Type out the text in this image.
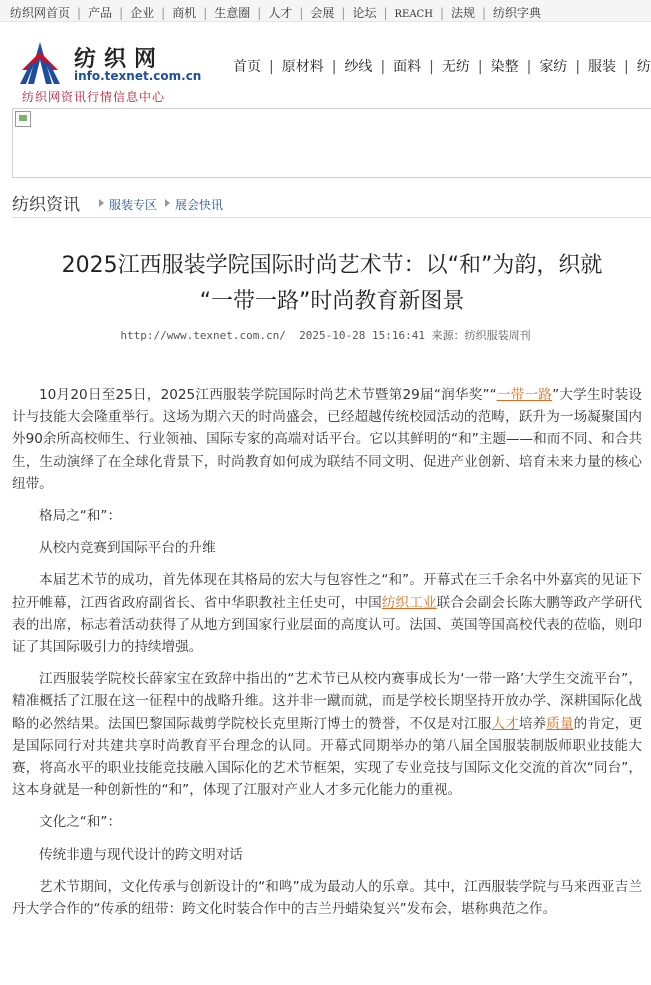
纺织网首页 | 产品 | 企业 | 商机 | 生意圈 | 人才 | 会展 | 论坛 | REACH | 法规 | 纺织字典
纺织网
info.texnet.com.cn
纺织网资讯行情信息中心
首页 | 原材料 | 纱线 | 面料 | 无纺 | 染整 | 家纺 | 服装 | 纺
纺织资讯 服装专区 展会快讯
2025江西服装学院国际时尚艺术节：以“和”为韵，织就
“一带一路”时尚教育新图景
http://www.texnet.com.cn/ 2025-10-28 15:16:41 来源：纺织服装周刊

10月20日至25日，2025江西服装学院国际时尚艺术节暨第29届“润华奖”“一带一路”大学生时装设计与技能大会隆重举行。这场为期六天的时尚盛会，已经超越传统校园活动的范畴，跃升为一场凝聚国内外90余所高校师生、行业领袖、国际专家的高端对话平台。它以其鲜明的“和”主题——和而不同、和合共生，生动演绎了在全球化背景下，时尚教育如何成为联结不同文明、促进产业创新、培育未来力量的核心纽带。

格局之“和”：

从校内竞赛到国际平台的升维

本届艺术节的成功，首先体现在其格局的宏大与包容性之“和”。开幕式在三千余名中外嘉宾的见证下拉开帷幕，江西省政府副省长、省中华职教社主任史可，中国纺织工业联合会副会长陈大鹏等政产学研代表的出席，标志着活动获得了从地方到国家行业层面的高度认可。法国、英国等国高校代表的莅临，则印证了其国际吸引力的持续增强。

江西服装学院校长薛家宝在致辞中指出的“艺术节已从校内赛事成长为‘一带一路’大学生交流平台”，精准概括了江服在这一征程中的战略升维。这并非一蹴而就，而是学校长期坚持开放办学、深耕国际化战略的必然结果。法国巴黎国际裁剪学院校长克里斯汀博士的赞誉，不仅是对江服人才培养质量的肯定，更是国际同行对共建共享时尚教育平台理念的认同。开幕式同期举办的第八届全国服装制版师职业技能大赛，将高水平的职业技能竞技融入国际化的艺术节框架，实现了专业竞技与国际文化交流的首次“同台”，这本身就是一种创新性的“和”，体现了江服对产业人才多元化能力的重视。

文化之“和”：

传统非遗与现代设计的跨文明对话

艺术节期间，文化传承与创新设计的“和鸣”成为最动人的乐章。其中，江西服装学院与马来西亚吉兰丹大学合作的“传承的纽带：跨文化时装合作中的吉兰丹蜡染复兴”发布会，堪称典范之作。
